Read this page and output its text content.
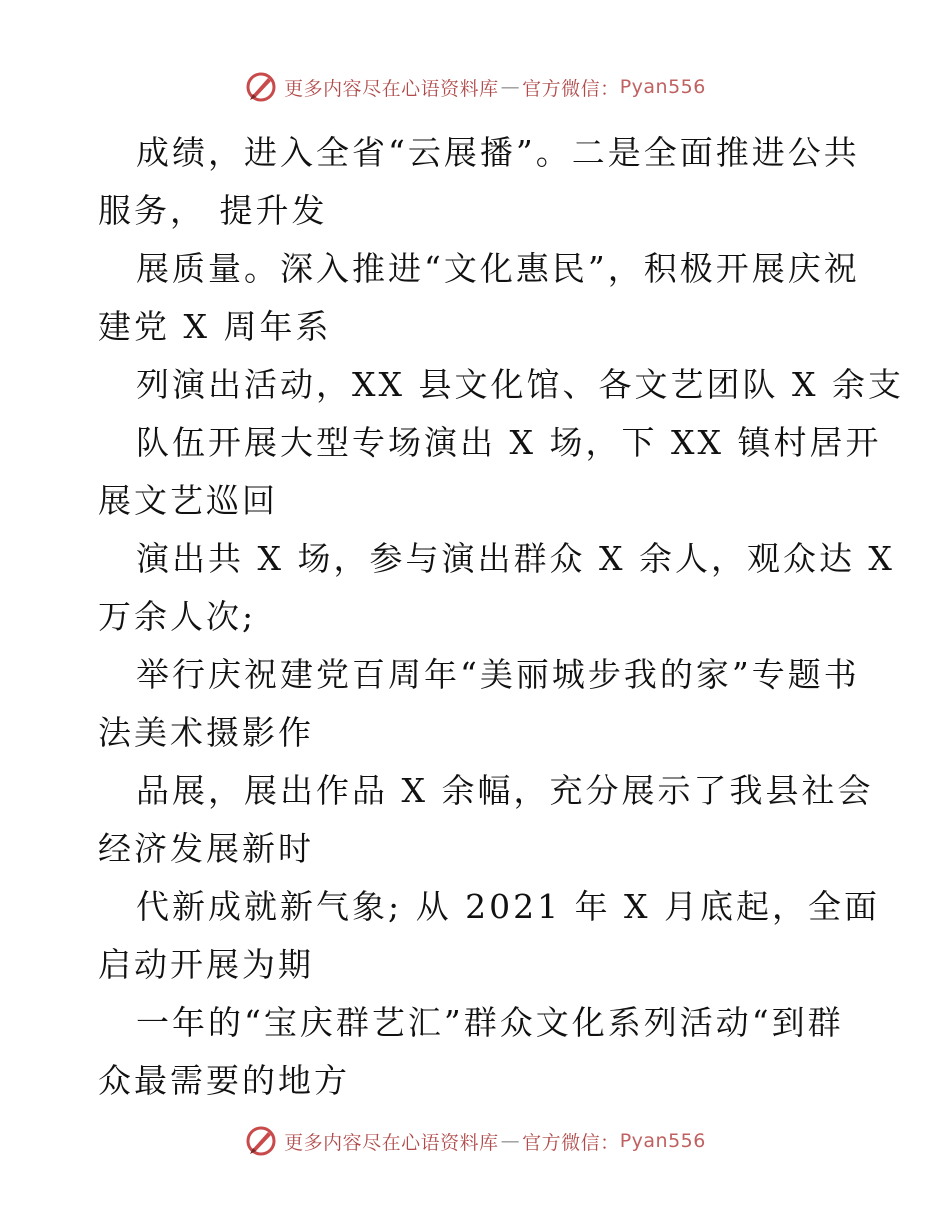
更多内容尽在心语资料库 — 官方微信： Pyan556
成绩，进入全省“云展播”。二是全面推进公共
服务， 提升发
展质量。深入推进“文化惠民”，积极开展庆祝
建党 X 周年系
列演出活动，XX 县文化馆、各文艺团队 X 余支
队伍开展大型专场演出 X 场，下 XX 镇村居开
展文艺巡回
演出共 X 场，参与演出群众 X 余人，观众达 X
万余人次;
举行庆祝建党百周年“美丽城步我的家”专题书
法美术摄影作
品展，展出作品 X 余幅，充分展示了我县社会
经济发展新时
代新成就新气象; 从 2021 年 X 月底起，全面
启动开展为期
一年的“宝庆群艺汇”群众文化系列活动“到群
众最需要的地方
更多内容尽在心语资料库 — 官方微信： Pyan556
